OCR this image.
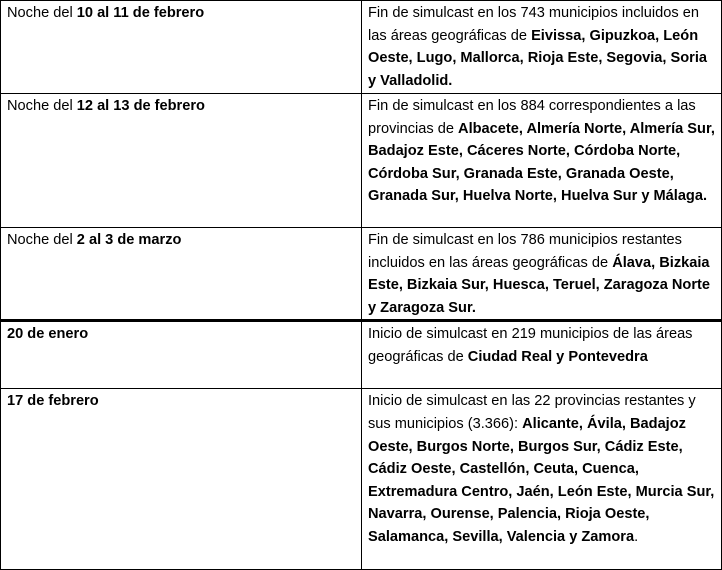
Noche del 10 al 11 de febrero	Fin de simulcast en los 743 municipios incluidos en las áreas geográficas de Eivissa, Gipuzkoa, León Oeste, Lugo, Mallorca, Rioja Este, Segovia, Soria y Valladolid.
Noche del 12 al 13 de febrero	Fin de simulcast en los 884 correspondientes a las provincias de Albacete, Almería Norte, Almería Sur, Badajoz Este, Cáceres Norte, Córdoba Norte, Córdoba Sur, Granada Este, Granada Oeste, Granada Sur, Huelva Norte, Huelva Sur y Málaga.
Noche del 2 al 3 de marzo	Fin de simulcast en los 786 municipios restantes incluidos en las áreas geográficas de Álava, Bizkaia Este, Bizkaia Sur, Huesca, Teruel, Zaragoza Norte y Zaragoza Sur.
20 de enero	Inicio de simulcast en 219 municipios de las áreas geográficas de Ciudad Real y Pontevedra
17 de febrero	Inicio de simulcast en las 22 provincias restantes y sus municipios (3.366): Alicante, Ávila, Badajoz Oeste, Burgos Norte, Burgos Sur, Cádiz Este, Cádiz Oeste, Castellón, Ceuta, Cuenca, Extremadura Centro, Jaén, León Este, Murcia Sur, Navarra, Ourense, Palencia, Rioja Oeste, Salamanca, Sevilla, Valencia y Zamora.
